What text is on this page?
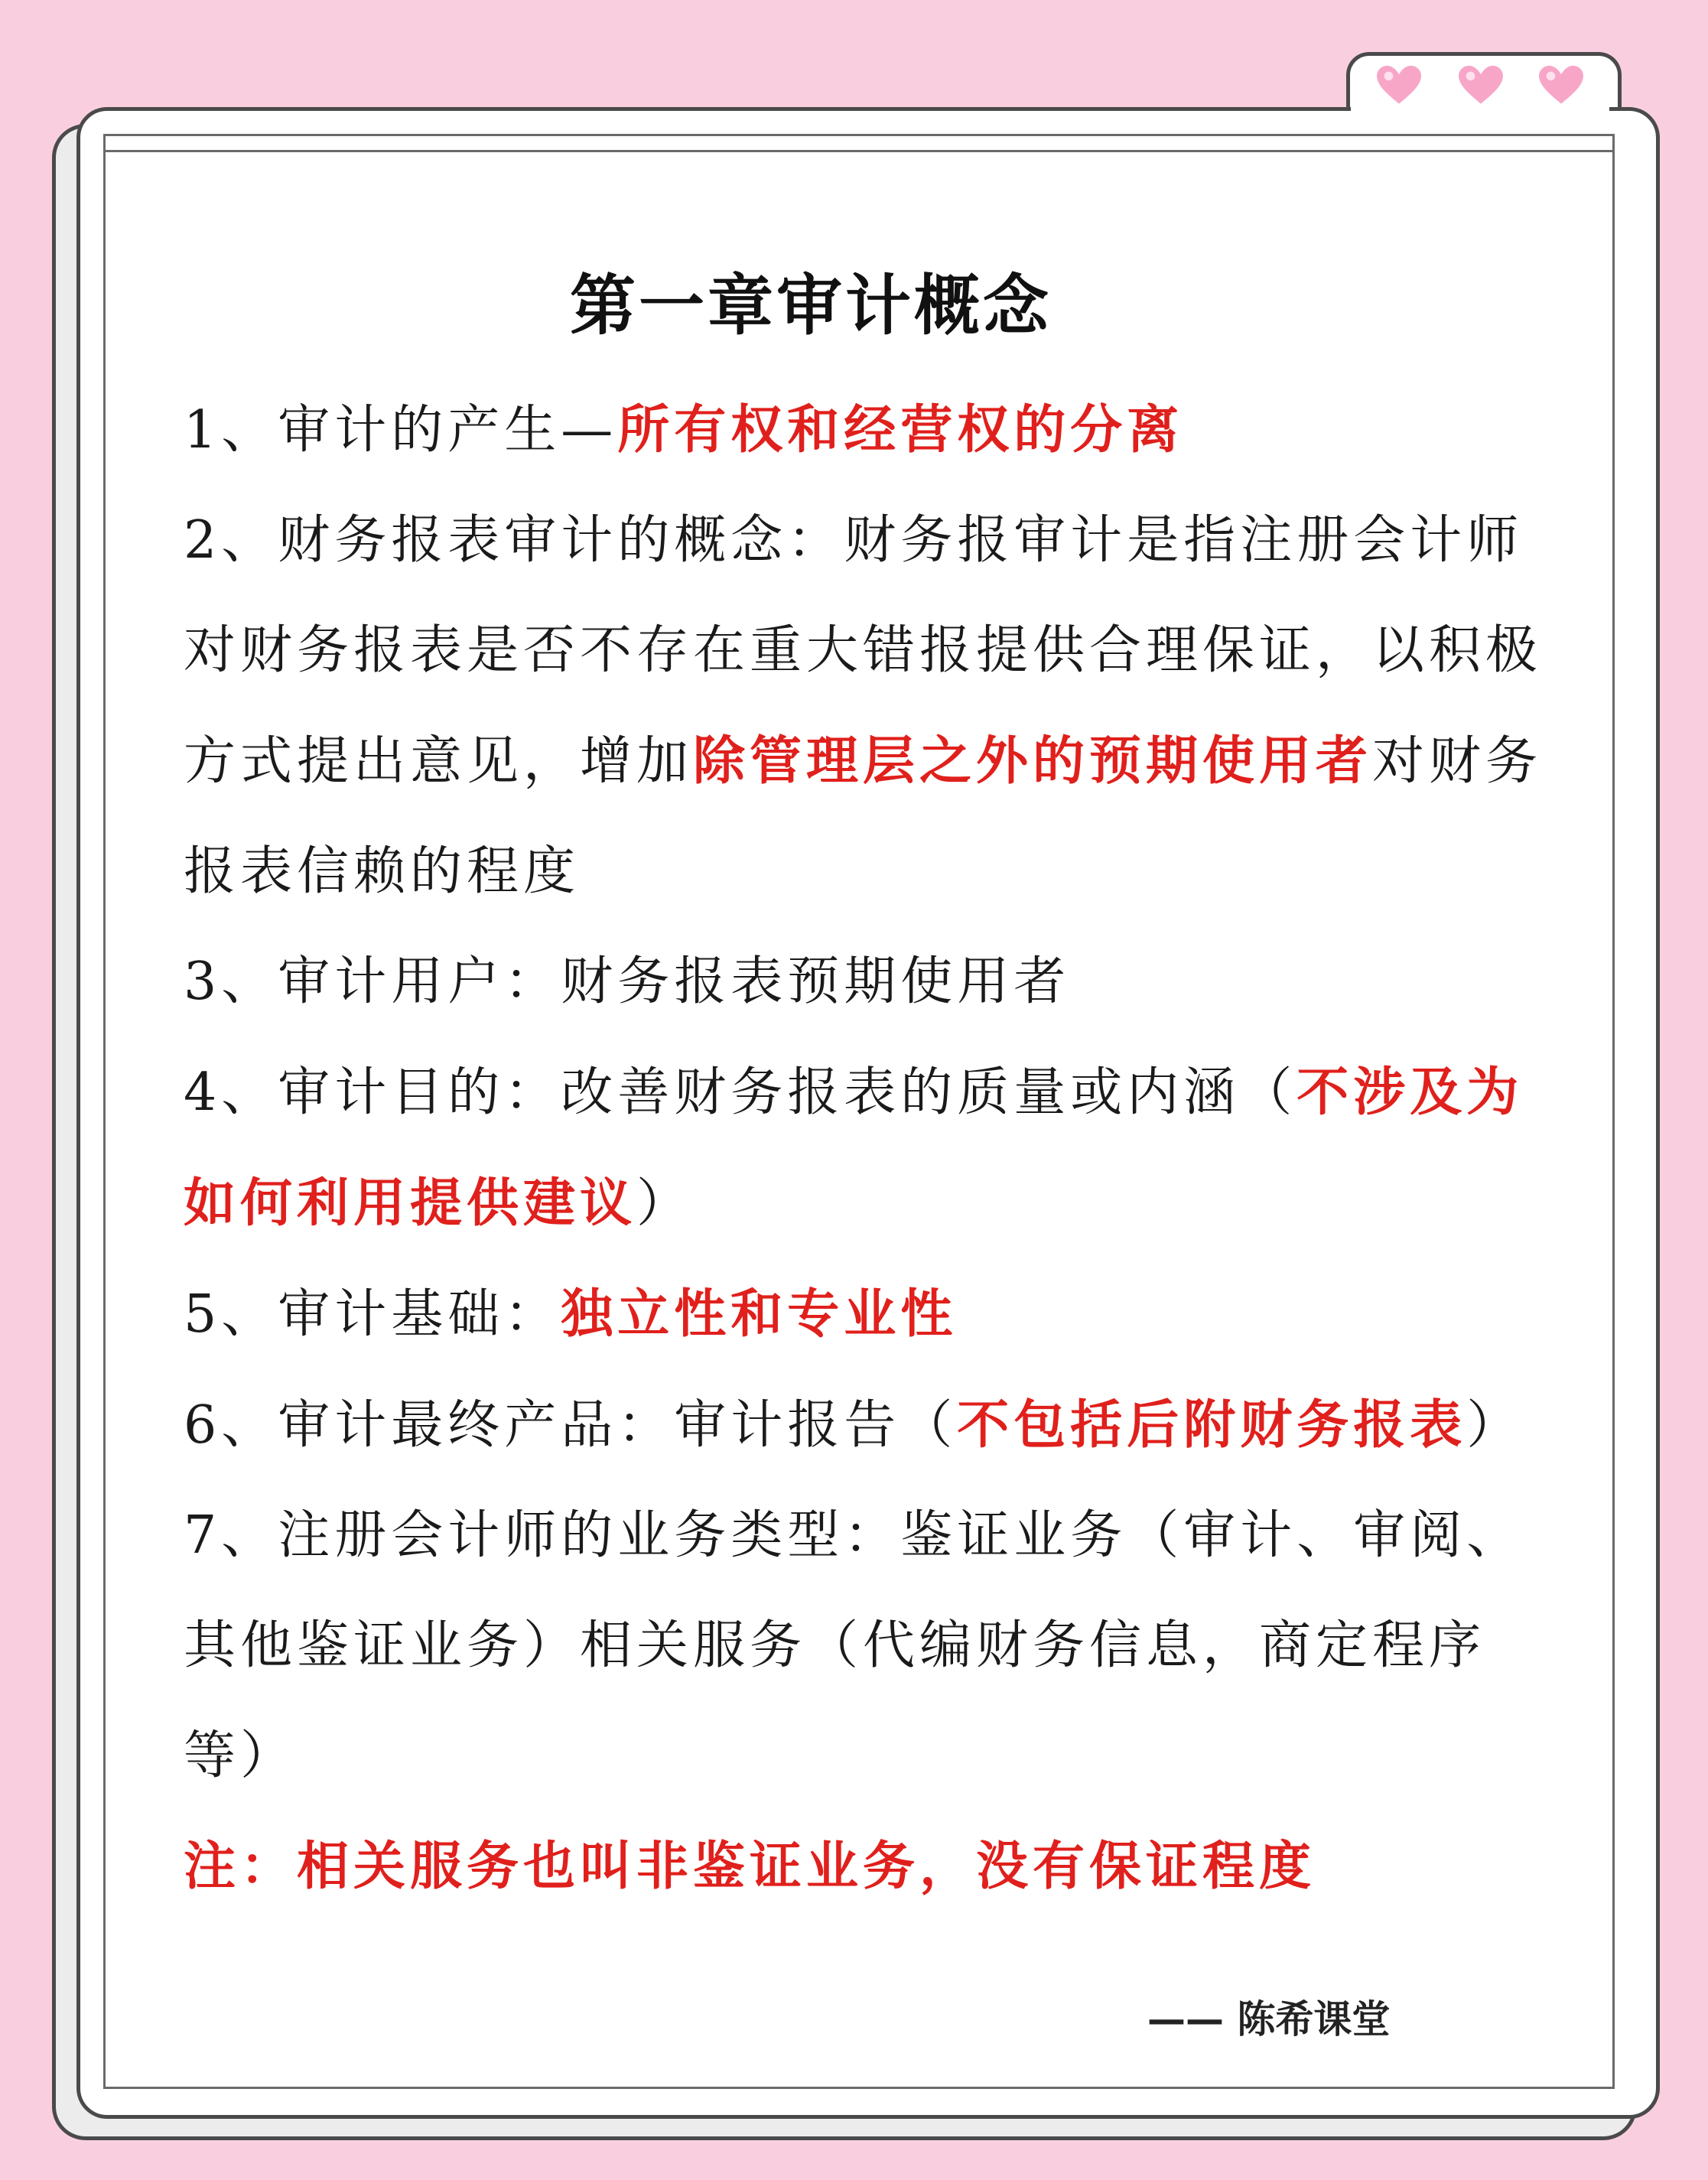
第一章审计概念

1、审计的产生—所有权和经营权的分离

2、财务报表审计的概念：财务报审计是指注册会计师对财务报表是否不存在重大错报提供合理保证，以积极方式提出意见，增加除管理层之外的预期使用者对财务报表信赖的程度

3、审计用户：财务报表预期使用者

4、审计目的：改善财务报表的质量或内涵（不涉及为如何利用提供建议）

5、审计基础：独立性和专业性

6、审计最终产品：审计报告（不包括后附财务报表）

7、注册会计师的业务类型：鉴证业务（审计、审阅、其他鉴证业务）相关服务（代编财务信息，商定程序等）

注：相关服务也叫非鉴证业务，没有保证程度

—— 陈希课堂
